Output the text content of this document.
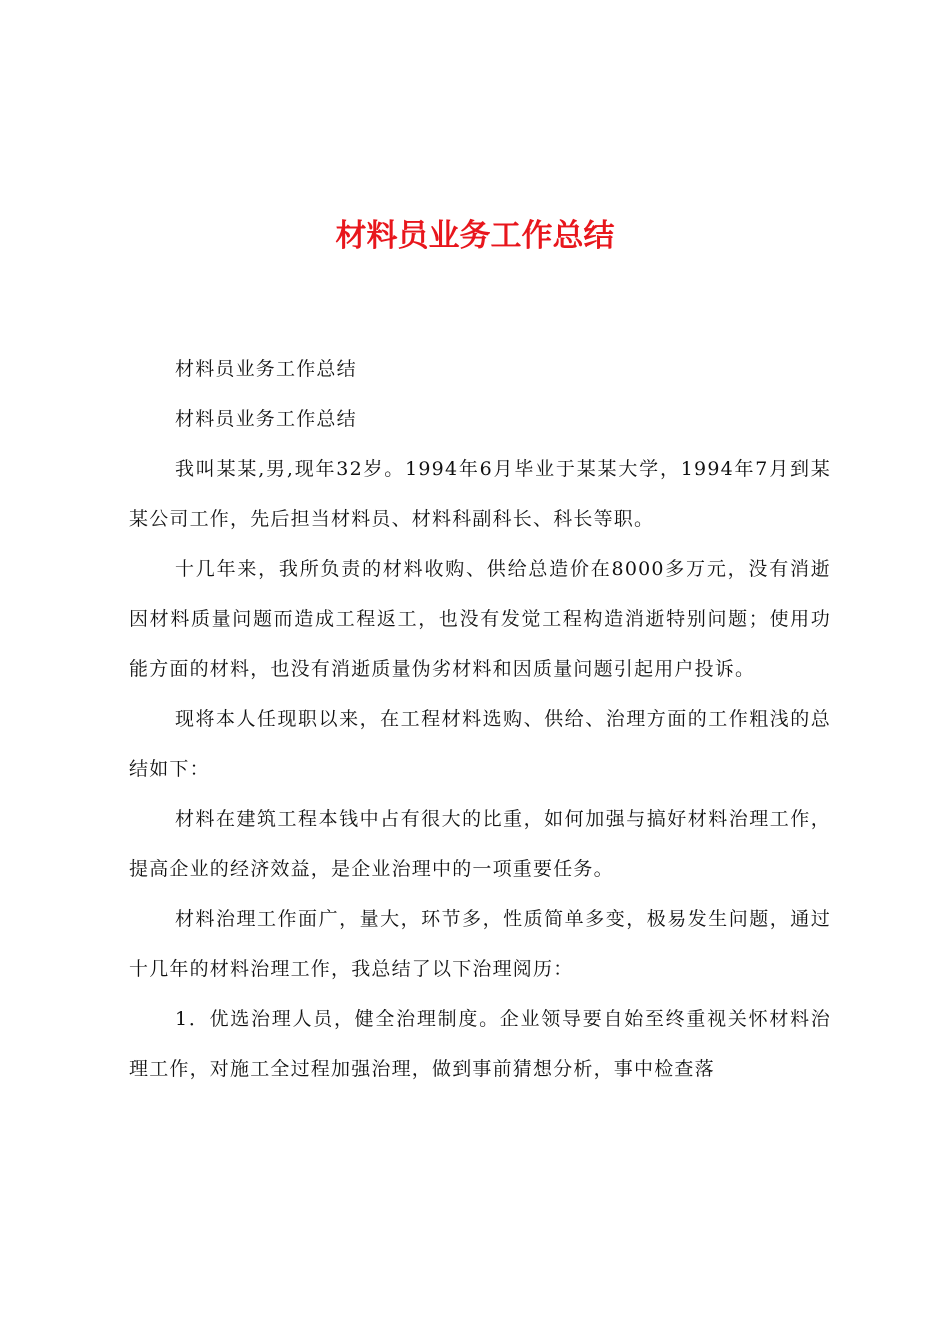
材料员业务工作总结

材料员业务工作总结

材料员业务工作总结

我叫某某,男,现年32岁。1994年6月毕业于某某大学，1994年7月到某某公司工作，先后担当材料员、材料科副科长、科长等职。

十几年来，我所负责的材料收购、供给总造价在8000多万元，没有消逝因材料质量问题而造成工程返工，也没有发觉工程构造消逝特别问题；使用功能方面的材料，也没有消逝质量伪劣材料和因质量问题引起用户投诉。

现将本人任现职以来，在工程材料选购、供给、治理方面的工作粗浅的总结如下：

材料在建筑工程本钱中占有很大的比重，如何加强与搞好材料治理工作，提高企业的经济效益，是企业治理中的一项重要任务。

材料治理工作面广，量大，环节多，性质简单多变，极易发生问题，通过十几年的材料治理工作，我总结了以下治理阅历：

1．优选治理人员，健全治理制度。企业领导要自始至终重视关怀材料治理工作，对施工全过程加强治理，做到事前猜想分析，事中检查落
